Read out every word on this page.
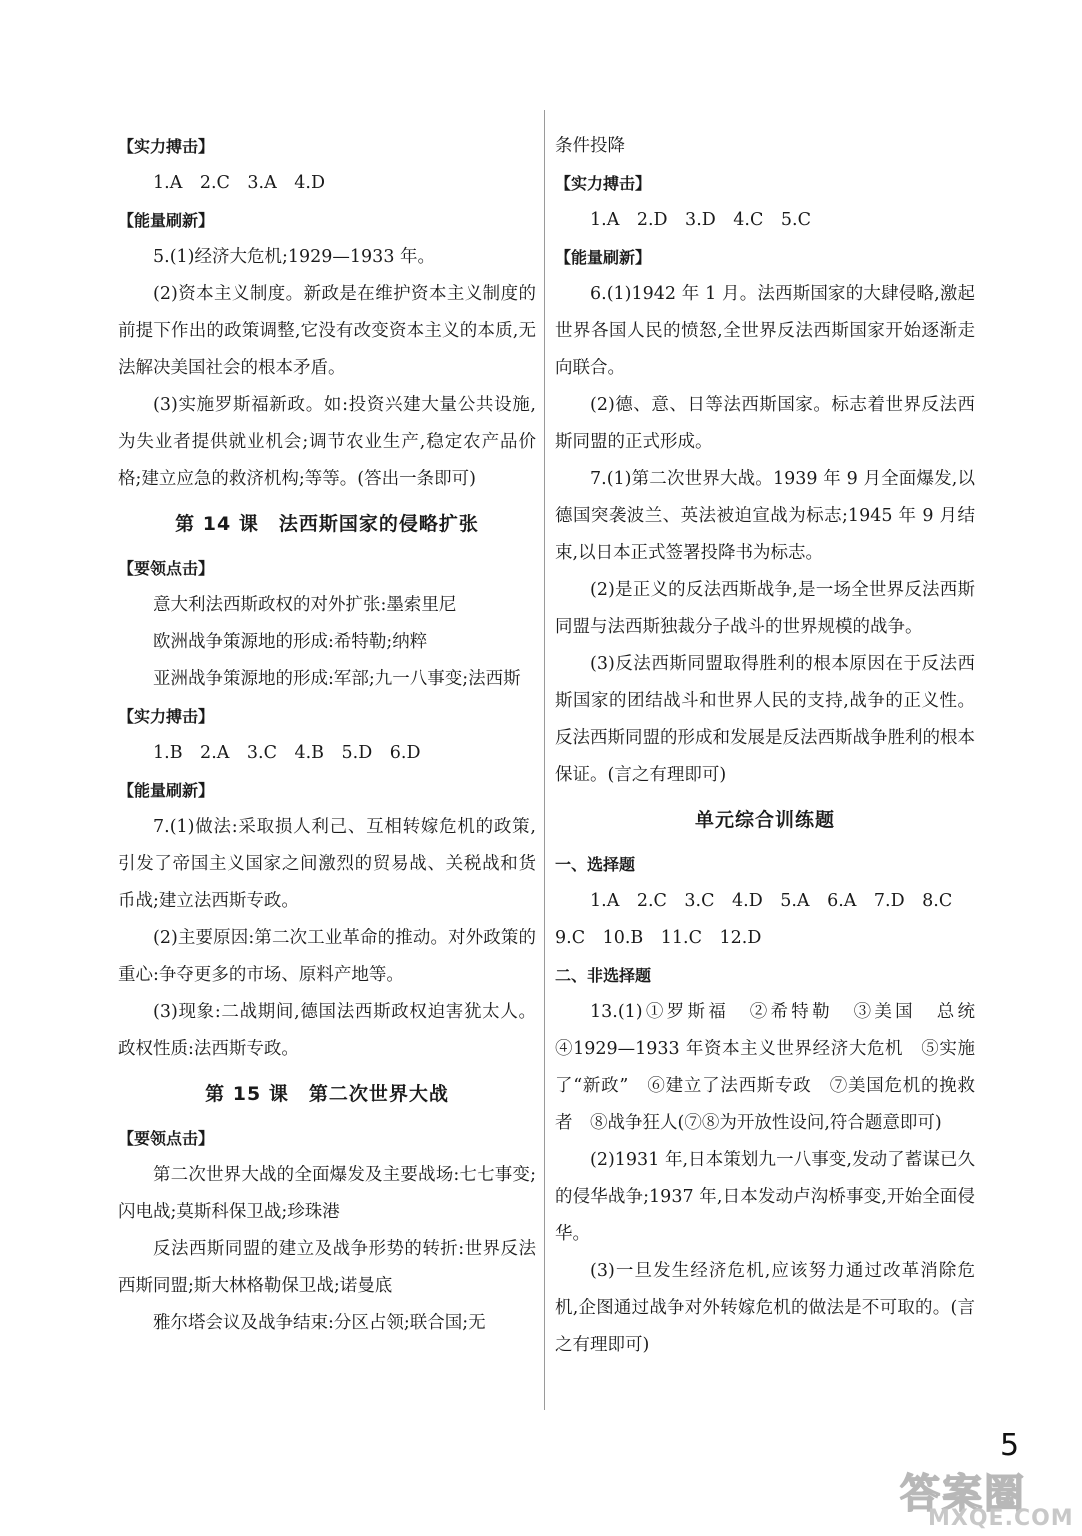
【实力搏击】

1.A　2.C　3.A　4.D

【能量刷新】

5.(1)经济大危机;1929—1933 年。

(2)资本主义制度。新政是在维护资本主义制度的前提下作出的政策调整,它没有改变资本主义的本质,无法解决美国社会的根本矛盾。

(3)实施罗斯福新政。如:投资兴建大量公共设施,为失业者提供就业机会;调节农业生产,稳定农产品价格;建立应急的救济机构;等等。(答出一条即可)

第 14 课　法西斯国家的侵略扩张

【要领点击】

意大利法西斯政权的对外扩张:墨索里尼

欧洲战争策源地的形成:希特勒;纳粹

亚洲战争策源地的形成:军部;九一八事变;法西斯

【实力搏击】

1.B　2.A　3.C　4.B　5.D　6.D

【能量刷新】

7.(1)做法:采取损人利己、互相转嫁危机的政策,引发了帝国主义国家之间激烈的贸易战、关税战和货币战;建立法西斯专政。

(2)主要原因:第二次工业革命的推动。对外政策的重心:争夺更多的市场、原料产地等。

(3)现象:二战期间,德国法西斯政权迫害犹太人。政权性质:法西斯专政。

第 15 课　第二次世界大战

【要领点击】

第二次世界大战的全面爆发及主要战场:七七事变;闪电战;莫斯科保卫战;珍珠港

反法西斯同盟的建立及战争形势的转折:世界反法西斯同盟;斯大林格勒保卫战;诺曼底

雅尔塔会议及战争结束:分区占领;联合国;无

条件投降

【实力搏击】

1.A　2.D　3.D　4.C　5.C

【能量刷新】

6.(1)1942 年 1 月。法西斯国家的大肆侵略,激起世界各国人民的愤怒,全世界反法西斯国家开始逐渐走向联合。

(2)德、意、日等法西斯国家。标志着世界反法西斯同盟的正式形成。

7.(1)第二次世界大战。1939 年 9 月全面爆发,以德国突袭波兰、英法被迫宣战为标志;1945 年 9 月结束,以日本正式签署投降书为标志。

(2)是正义的反法西斯战争,是一场全世界反法西斯同盟与法西斯独裁分子战斗的世界规模的战争。

(3)反法西斯同盟取得胜利的根本原因在于反法西斯国家的团结战斗和世界人民的支持,战争的正义性。反法西斯同盟的形成和发展是反法西斯战争胜利的根本保证。(言之有理即可)

单元综合训练题

一、选择题

1.A　2.C　3.C　4.D　5.A　6.A　7.D　8.C

9.C　10.B　11.C　12.D

二、非选择题

13.(1)①罗斯福　②希特勒　③美国　总统　④1929—1933 年资本主义世界经济大危机　⑤实施了“新政”　⑥建立了法西斯专政　⑦美国危机的挽救者　⑧战争狂人(⑦⑧为开放性设问,符合题意即可)

(2)1931 年,日本策划九一八事变,发动了蓄谋已久的侵华战争;1937 年,日本发动卢沟桥事变,开始全面侵华。

(3)一旦发生经济危机,应该努力通过改革消除危机,企图通过战争对外转嫁危机的做法是不可取的。(言之有理即可)

5
答案圈
MXQE.COM
